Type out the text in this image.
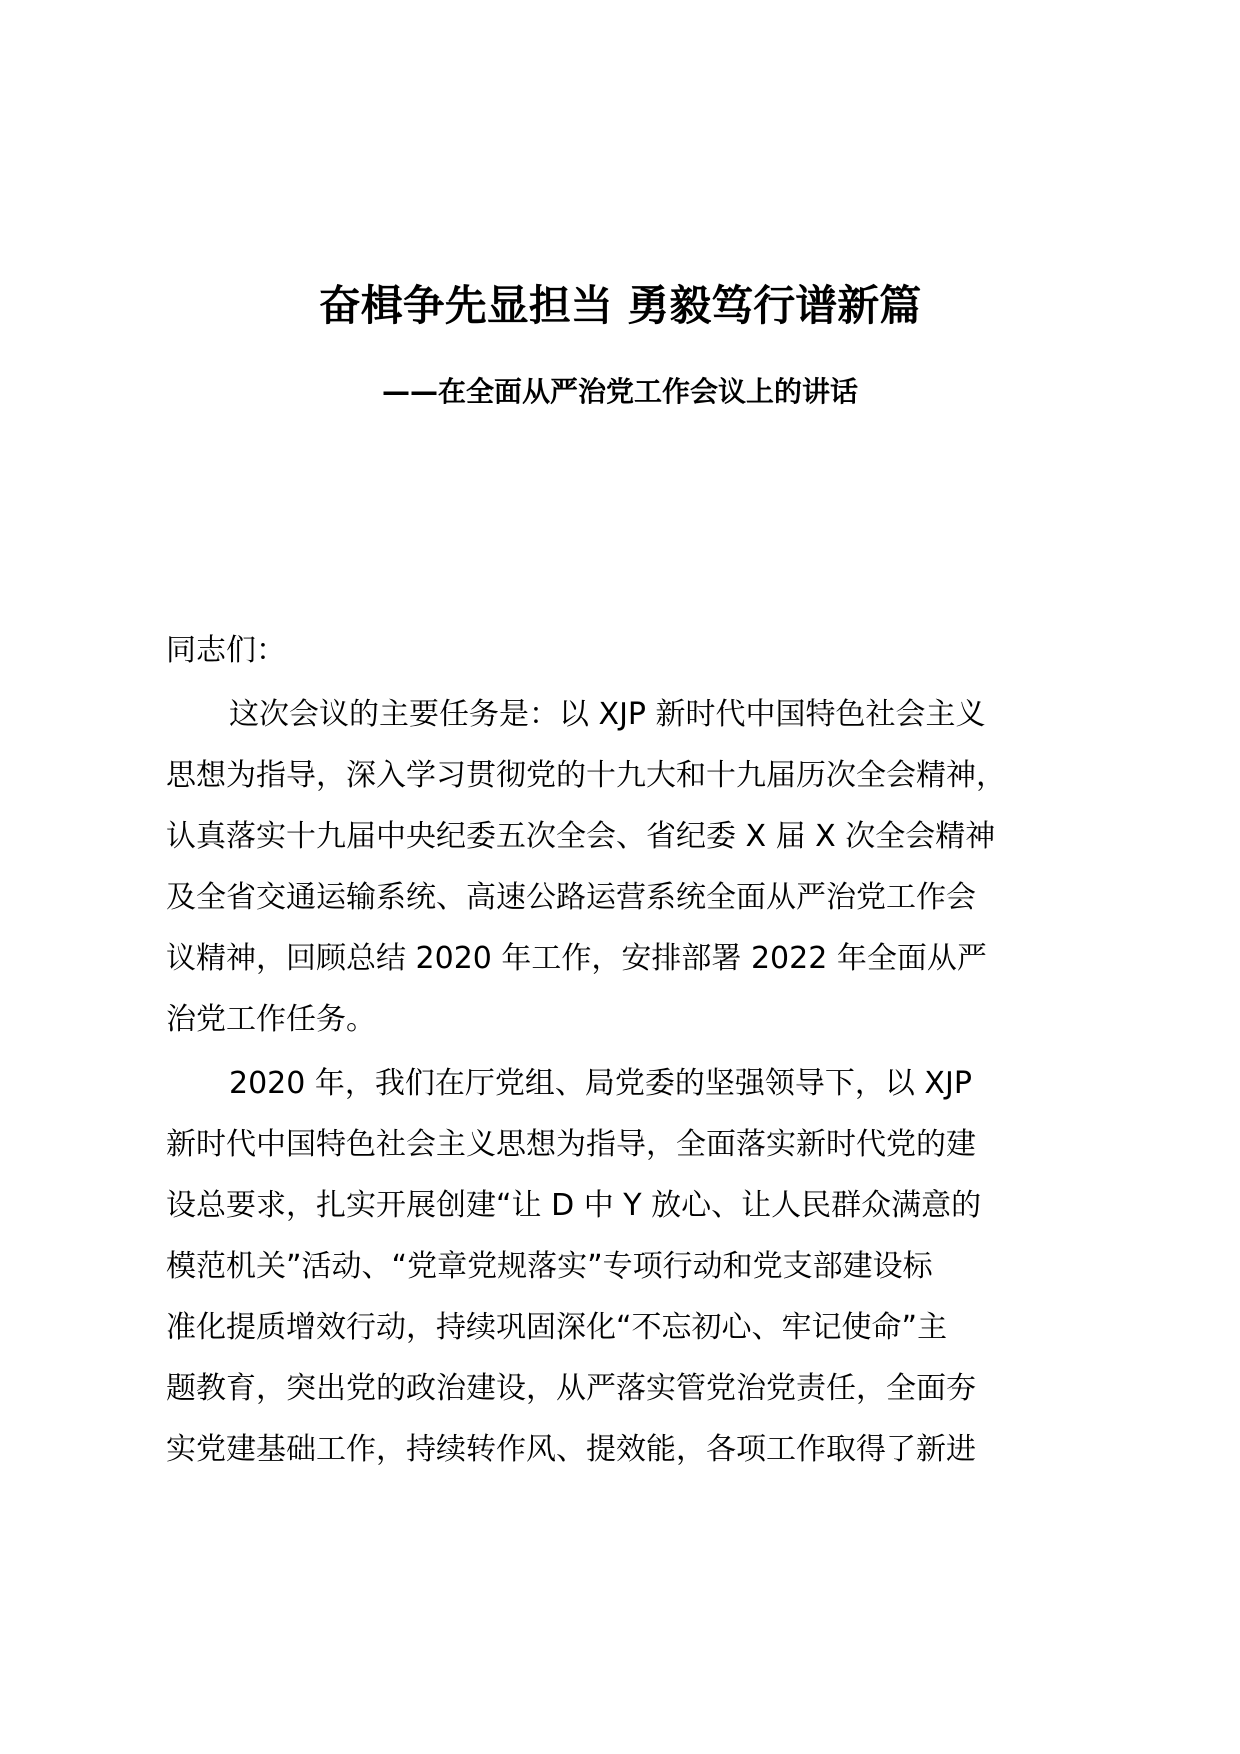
奋楫争先显担当 勇毅笃行谱新篇
——在全面从严治党工作会议上的讲话
同志们：
这次会议的主要任务是：以 XJP 新时代中国特色社会主义
思想为指导，深入学习贯彻党的十九大和十九届历次全会精神，
认真落实十九届中央纪委五次全会、省纪委 X 届 X 次全会精神
及全省交通运输系统、高速公路运营系统全面从严治党工作会
议精神，回顾总结 2020 年工作，安排部署 2022 年全面从严
治党工作任务。
2020 年，我们在厅党组、局党委的坚强领导下，以 XJP
新时代中国特色社会主义思想为指导，全面落实新时代党的建
设总要求，扎实开展创建“让 D 中 Y 放心、让人民群众满意的
模范机关”活动、“党章党规落实”专项行动和党支部建设标
准化提质增效行动，持续巩固深化“不忘初心、牢记使命”主
题教育，突出党的政治建设，从严落实管党治党责任，全面夯
实党建基础工作，持续转作风、提效能，各项工作取得了新进
